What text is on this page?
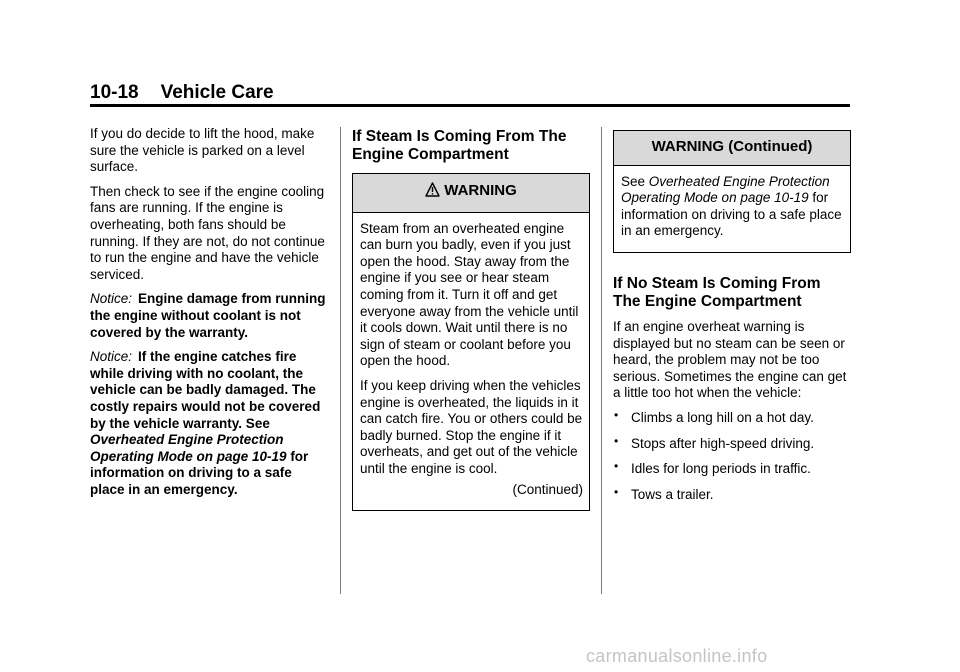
10-18 Vehicle Care

If you do decide to lift the hood, make sure the vehicle is parked on a level surface.

Then check to see if the engine cooling fans are running. If the engine is overheating, both fans should be running. If they are not, do not continue to run the engine and have the vehicle serviced.

Notice: Engine damage from running the engine without coolant is not covered by the warranty.

Notice: If the engine catches fire while driving with no coolant, the vehicle can be badly damaged. The costly repairs would not be covered by the vehicle warranty. See Overheated Engine Protection Operating Mode on page 10-19 for information on driving to a safe place in an emergency.

If Steam Is Coming From The Engine Compartment
WARNING

Steam from an overheated engine can burn you badly, even if you just open the hood. Stay away from the engine if you see or hear steam coming from it. Turn it off and get everyone away from the vehicle until it cools down. Wait until there is no sign of steam or coolant before you open the hood.

If you keep driving when the vehicles engine is overheated, the liquids in it can catch fire. You or others could be badly burned. Stop the engine if it overheats, and get out of the vehicle until the engine is cool.

(Continued)

WARNING (Continued)

See Overheated Engine Protection Operating Mode on page 10-19 for information on driving to a safe place in an emergency.

If No Steam Is Coming From The Engine Compartment

If an engine overheat warning is displayed but no steam can be seen or heard, the problem may not be too serious. Sometimes the engine can get a little too hot when the vehicle:

• Climbs a long hill on a hot day.
• Stops after high-speed driving.
• Idles for long periods in traffic.
• Tows a trailer.
carmanualsonline.info
